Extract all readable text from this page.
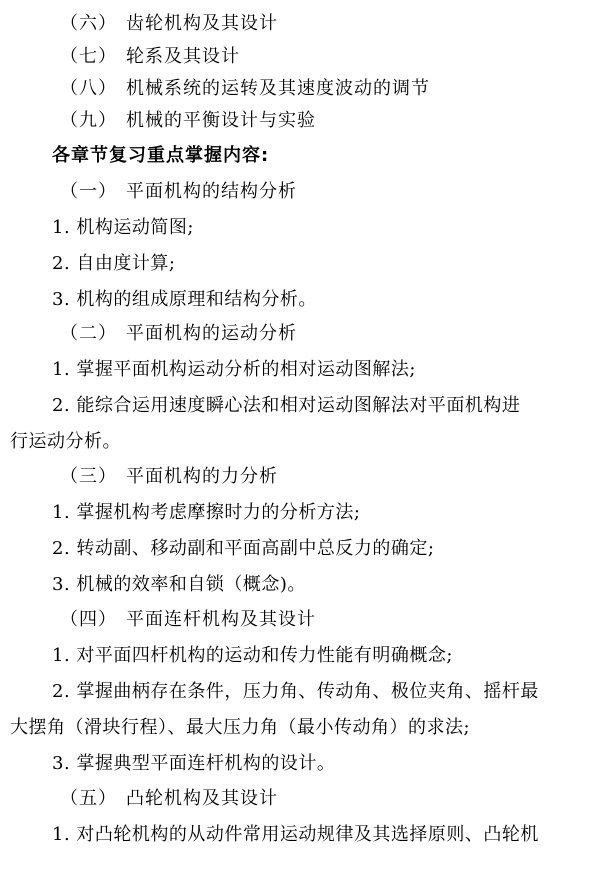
（六） 齿轮机构及其设计
（七） 轮系及其设计
（八） 机械系统的运转及其速度波动的调节
（九） 机械的平衡设计与实验
各章节复习重点掌握内容:
（一） 平面机构的结构分析
1. 机构运动简图;
2. 自由度计算;
3. 机构的组成原理和结构分析。
（二） 平面机构的运动分析
1. 掌握平面机构运动分析的相对运动图解法;
2. 能综合运用速度瞬心法和相对运动图解法对平面机构进
行运动分析。
（三） 平面机构的力分析
1. 掌握机构考虑摩擦时力的分析方法;
2. 转动副、移动副和平面高副中总反力的确定;
3. 机械的效率和自锁（概念)。
（四） 平面连杆机构及其设计
1. 对平面四杆机构的运动和传力性能有明确概念;
2. 掌握曲柄存在条件，压力角、传动角、极位夹角、摇杆最
大摆角（滑块行程）、最大压力角（最小传动角）的求法;
3. 掌握典型平面连杆机构的设计。
（五） 凸轮机构及其设计
1. 对凸轮机构的从动件常用运动规律及其选择原则、凸轮机
